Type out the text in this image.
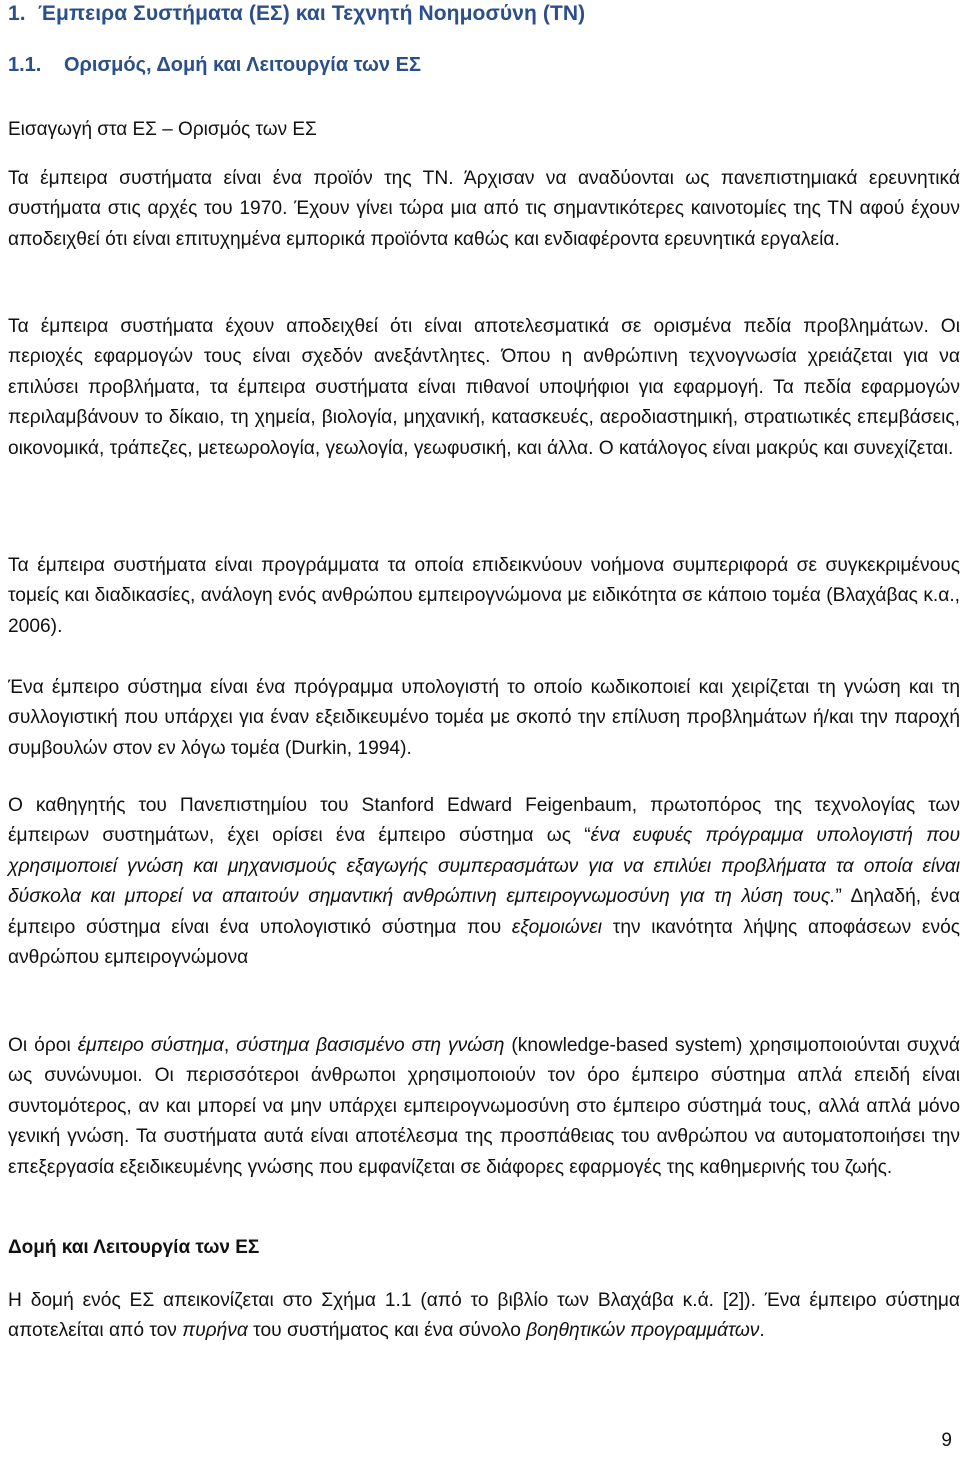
1. Έμπειρα Συστήματα (ΕΣ) και Τεχνητή Νοημοσύνη (ΤΝ)
1.1. Ορισμός, Δομή και Λειτουργία των ΕΣ
Εισαγωγή στα ΕΣ – Ορισμός των ΕΣ

Τα έμπειρα συστήματα είναι ένα προϊόν της ΤΝ. Άρχισαν να αναδύονται ως πανεπιστημιακά ερευνητικά συστήματα στις αρχές του 1970. Έχουν γίνει τώρα μια από τις σημαντικότερες καινοτομίες της ΤΝ αφού έχουν αποδειχθεί ότι είναι επιτυχημένα εμπορικά προϊόντα καθώς και ενδιαφέροντα ερευνητικά εργαλεία.

Τα έμπειρα συστήματα έχουν αποδειχθεί ότι είναι αποτελεσματικά σε ορισμένα πεδία προβλημάτων. Οι περιοχές εφαρμογών τους είναι σχεδόν ανεξάντλητες. Όπου η ανθρώπινη τεχνογνωσία χρειάζεται για να επιλύσει προβλήματα, τα έμπειρα συστήματα είναι πιθανοί υποψήφιοι για εφαρμογή. Τα πεδία εφαρμογών περιλαμβάνουν το δίκαιο, τη χημεία, βιολογία, μηχανική, κατασκευές, αεροδιαστημική, στρατιωτικές επεμβάσεις, οικονομικά, τράπεζες, μετεωρολογία, γεωλογία, γεωφυσική, και άλλα. Ο κατάλογος είναι μακρύς και συνεχίζεται.

Τα έμπειρα συστήματα είναι προγράμματα τα οποία επιδεικνύουν νοήμονα συμπεριφορά σε συγκεκριμένους τομείς και διαδικασίες, ανάλογη ενός ανθρώπου εμπειρογνώμονα με ειδικότητα σε κάποιο τομέα (Βλαχάβας κ.α., 2006).

Ένα έμπειρο σύστημα είναι ένα πρόγραμμα υπολογιστή το οποίο κωδικοποιεί και χειρίζεται τη γνώση και τη συλλογιστική που υπάρχει για έναν εξειδικευμένο τομέα με σκοπό την επίλυση προβλημάτων ή/και την παροχή συμβουλών στον εν λόγω τομέα (Durkin, 1994).

Ο καθηγητής του Πανεπιστημίου του Stanford Edward Feigenbaum, πρωτοπόρος της τεχνολογίας των έμπειρων συστημάτων, έχει ορίσει ένα έμπειρο σύστημα ως “ένα ευφυές πρόγραμμα υπολογιστή που χρησιμοποιεί γνώση και μηχανισμούς εξαγωγής συμπερασμάτων για να επιλύει προβλήματα τα οποία είναι δύσκολα και μπορεί να απαιτούν σημαντική ανθρώπινη εμπειρογνωμοσύνη για τη λύση τους.” Δηλαδή, ένα έμπειρο σύστημα είναι ένα υπολογιστικό σύστημα που εξομοιώνει την ικανότητα λήψης αποφάσεων ενός ανθρώπου εμπειρογνώμονα

Οι όροι έμπειρο σύστημα, σύστημα βασισμένο στη γνώση (knowledge-based system) χρησιμοποιούνται συχνά ως συνώνυμοι. Οι περισσότεροι άνθρωποι χρησιμοποιούν τον όρο έμπειρο σύστημα απλά επειδή είναι συντομότερος, αν και μπορεί να μην υπάρχει εμπειρογνωμοσύνη στο έμπειρο σύστημά τους, αλλά απλά μόνο γενική γνώση. Τα συστήματα αυτά είναι αποτέλεσμα της προσπάθειας του ανθρώπου να αυτοματοποιήσει την επεξεργασία εξειδικευμένης γνώσης που εμφανίζεται σε διάφορες εφαρμογές της καθημερινής του ζωής.

Δομή και Λειτουργία των ΕΣ

Η δομή ενός ΕΣ απεικονίζεται στο Σχήμα 1.1 (από το βιβλίο των Βλαχάβα κ.ά. [2]). Ένα έμπειρο σύστημα αποτελείται από τον πυρήνα του συστήματος και ένα σύνολο βοηθητικών προγραμμάτων.

9
